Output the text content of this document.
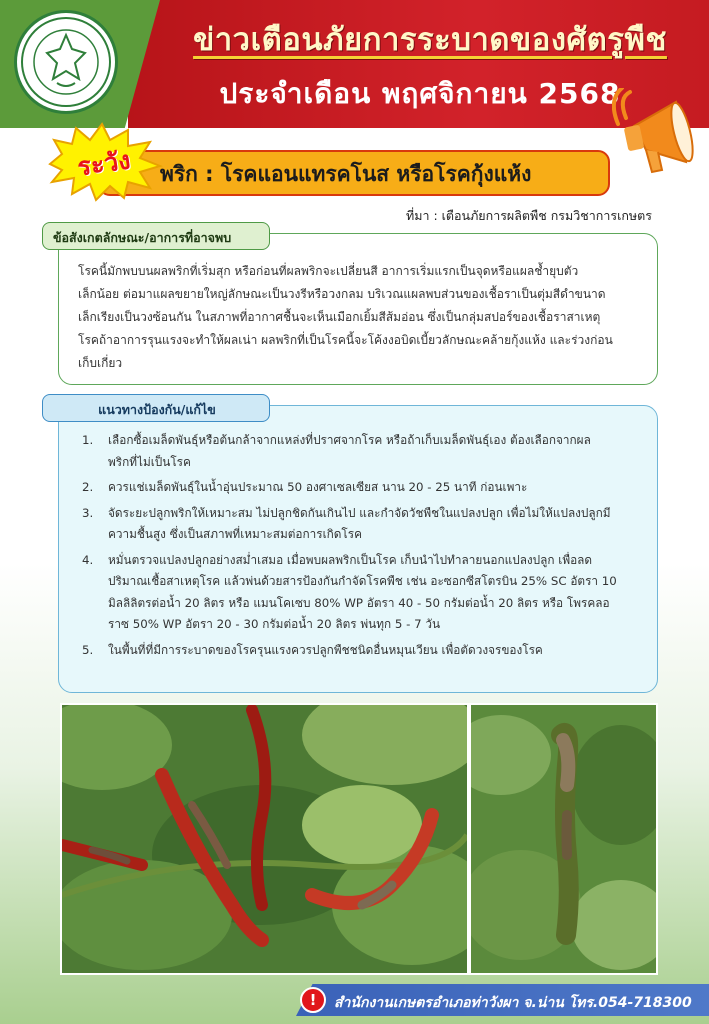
ข่าวเตือนภัยการระบาดของศัตรูพืช
ประจำเดือน พฤศจิกายน 2568
ระวัง	พริก : โรคแอนแทรคโนส หรือโรคกุ้งแห้ง
ที่มา : เตือนภัยการผลิตพืช กรมวิชาการเกษตร
ข้อสังเกตลักษณะ/อาการที่อาจพบ
โรคนี้มักพบบนผลพริกที่เริ่มสุก หรือก่อนที่ผลพริกจะเปลี่ยนสี อาการเริ่มแรกเป็นจุดหรือแผลช้ำยุบตัว
เล็กน้อย ต่อมาแผลขยายใหญ่ลักษณะเป็นวงรีหรือวงกลม บริเวณแผลพบส่วนของเชื้อราเป็นตุ่มสีดำขนาด
เล็กเรียงเป็นวงซ้อนกัน ในสภาพที่อากาศชื้นจะเห็นเมือกเยิ้มสีส้มอ่อน ซึ่งเป็นกลุ่มสปอร์ของเชื้อราสาเหตุ
โรคถ้าอาการรุนแรงจะทำให้ผลเน่า ผลพริกที่เป็นโรคนี้จะโค้งงอบิดเบี้ยวลักษณะคล้ายกุ้งแห้ง และร่วงก่อน
เก็บเกี่ยว
แนวทางป้องกัน/แก้ไข
1. เลือกซื้อเมล็ดพันธุ์หรือต้นกล้าจากแหล่งที่ปราศจากโรค หรือถ้าเก็บเมล็ดพันธุ์เอง ต้องเลือกจากผล
พริกที่ไม่เป็นโรค
2. ควรแช่เมล็ดพันธุ์ในน้ำอุ่นประมาณ 50 องศาเซลเซียส นาน 20 - 25 นาที ก่อนเพาะ
3. จัดระยะปลูกพริกให้เหมาะสม ไม่ปลูกชิดกันเกินไป และกำจัดวัชพืชในแปลงปลูก เพื่อไม่ให้แปลงปลูกมี
ความชื้นสูง ซึ่งเป็นสภาพที่เหมาะสมต่อการเกิดโรค
4. หมั่นตรวจแปลงปลูกอย่างสม่ำเสมอ เมื่อพบผลพริกเป็นโรค เก็บนำไปทำลายนอกแปลงปลูก เพื่อลด
ปริมาณเชื้อสาเหตุโรค แล้วพ่นด้วยสารป้องกันกำจัดโรคพืช เช่น อะซอกซีสโตรบิน 25% SC อัตรา 10
มิลลิลิตรต่อน้ำ 20 ลิตร หรือ แมนโคเซบ 80% WP อัตรา 40 - 50 กรัมต่อน้ำ 20 ลิตร หรือ โพรคลอ
ราซ 50% WP อัตรา 20 - 30 กรัมต่อน้ำ 20 ลิตร พ่นทุก 5 - 7 วัน
5. ในพื้นที่ที่มีการระบาดของโรครุนแรงควรปลูกพืชชนิดอื่นหมุนเวียน เพื่อตัดวงจรของโรค
!	สำนักงานเกษตรอำเภอท่าวังผา จ.น่าน โทร.054-718300
